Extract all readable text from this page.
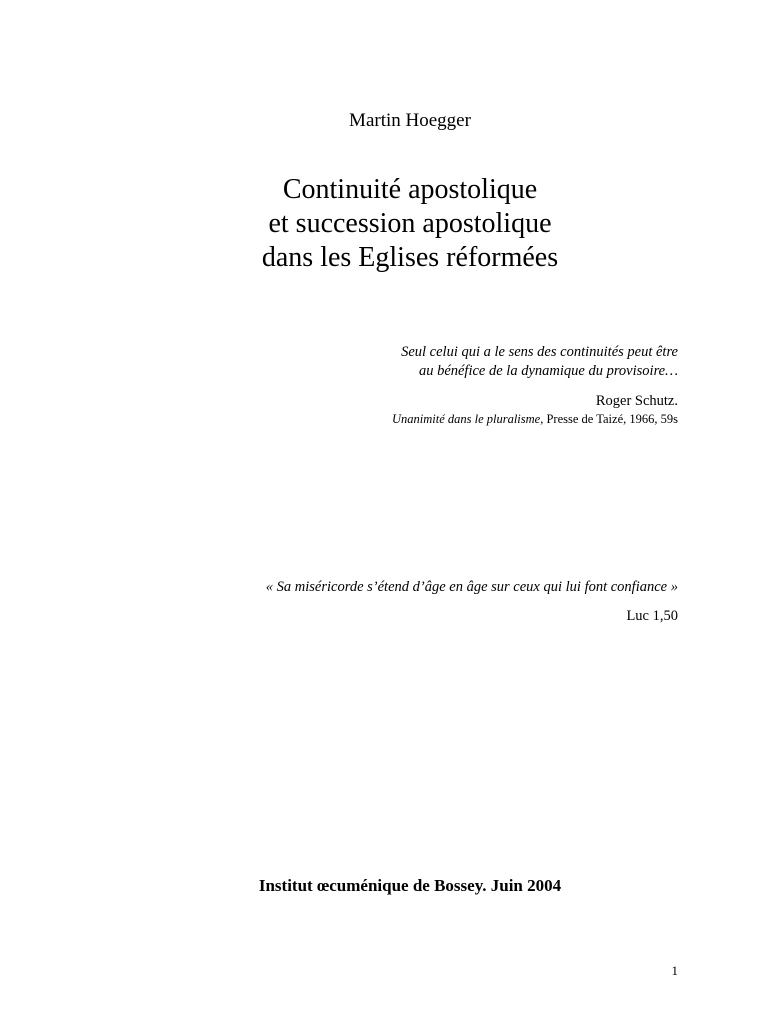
Martin Hoegger
Continuité apostolique
et succession apostolique
dans les Eglises réformées
Seul celui qui a le sens des continuités peut être
au bénéfice de la dynamique du provisoire…
Roger Schutz.
Unanimité dans le pluralisme, Presse de Taizé, 1966, 59s
« Sa miséricorde s’étend d’âge en âge sur ceux qui lui font confiance »
Luc 1,50
Institut œcuménique de Bossey. Juin 2004
1
